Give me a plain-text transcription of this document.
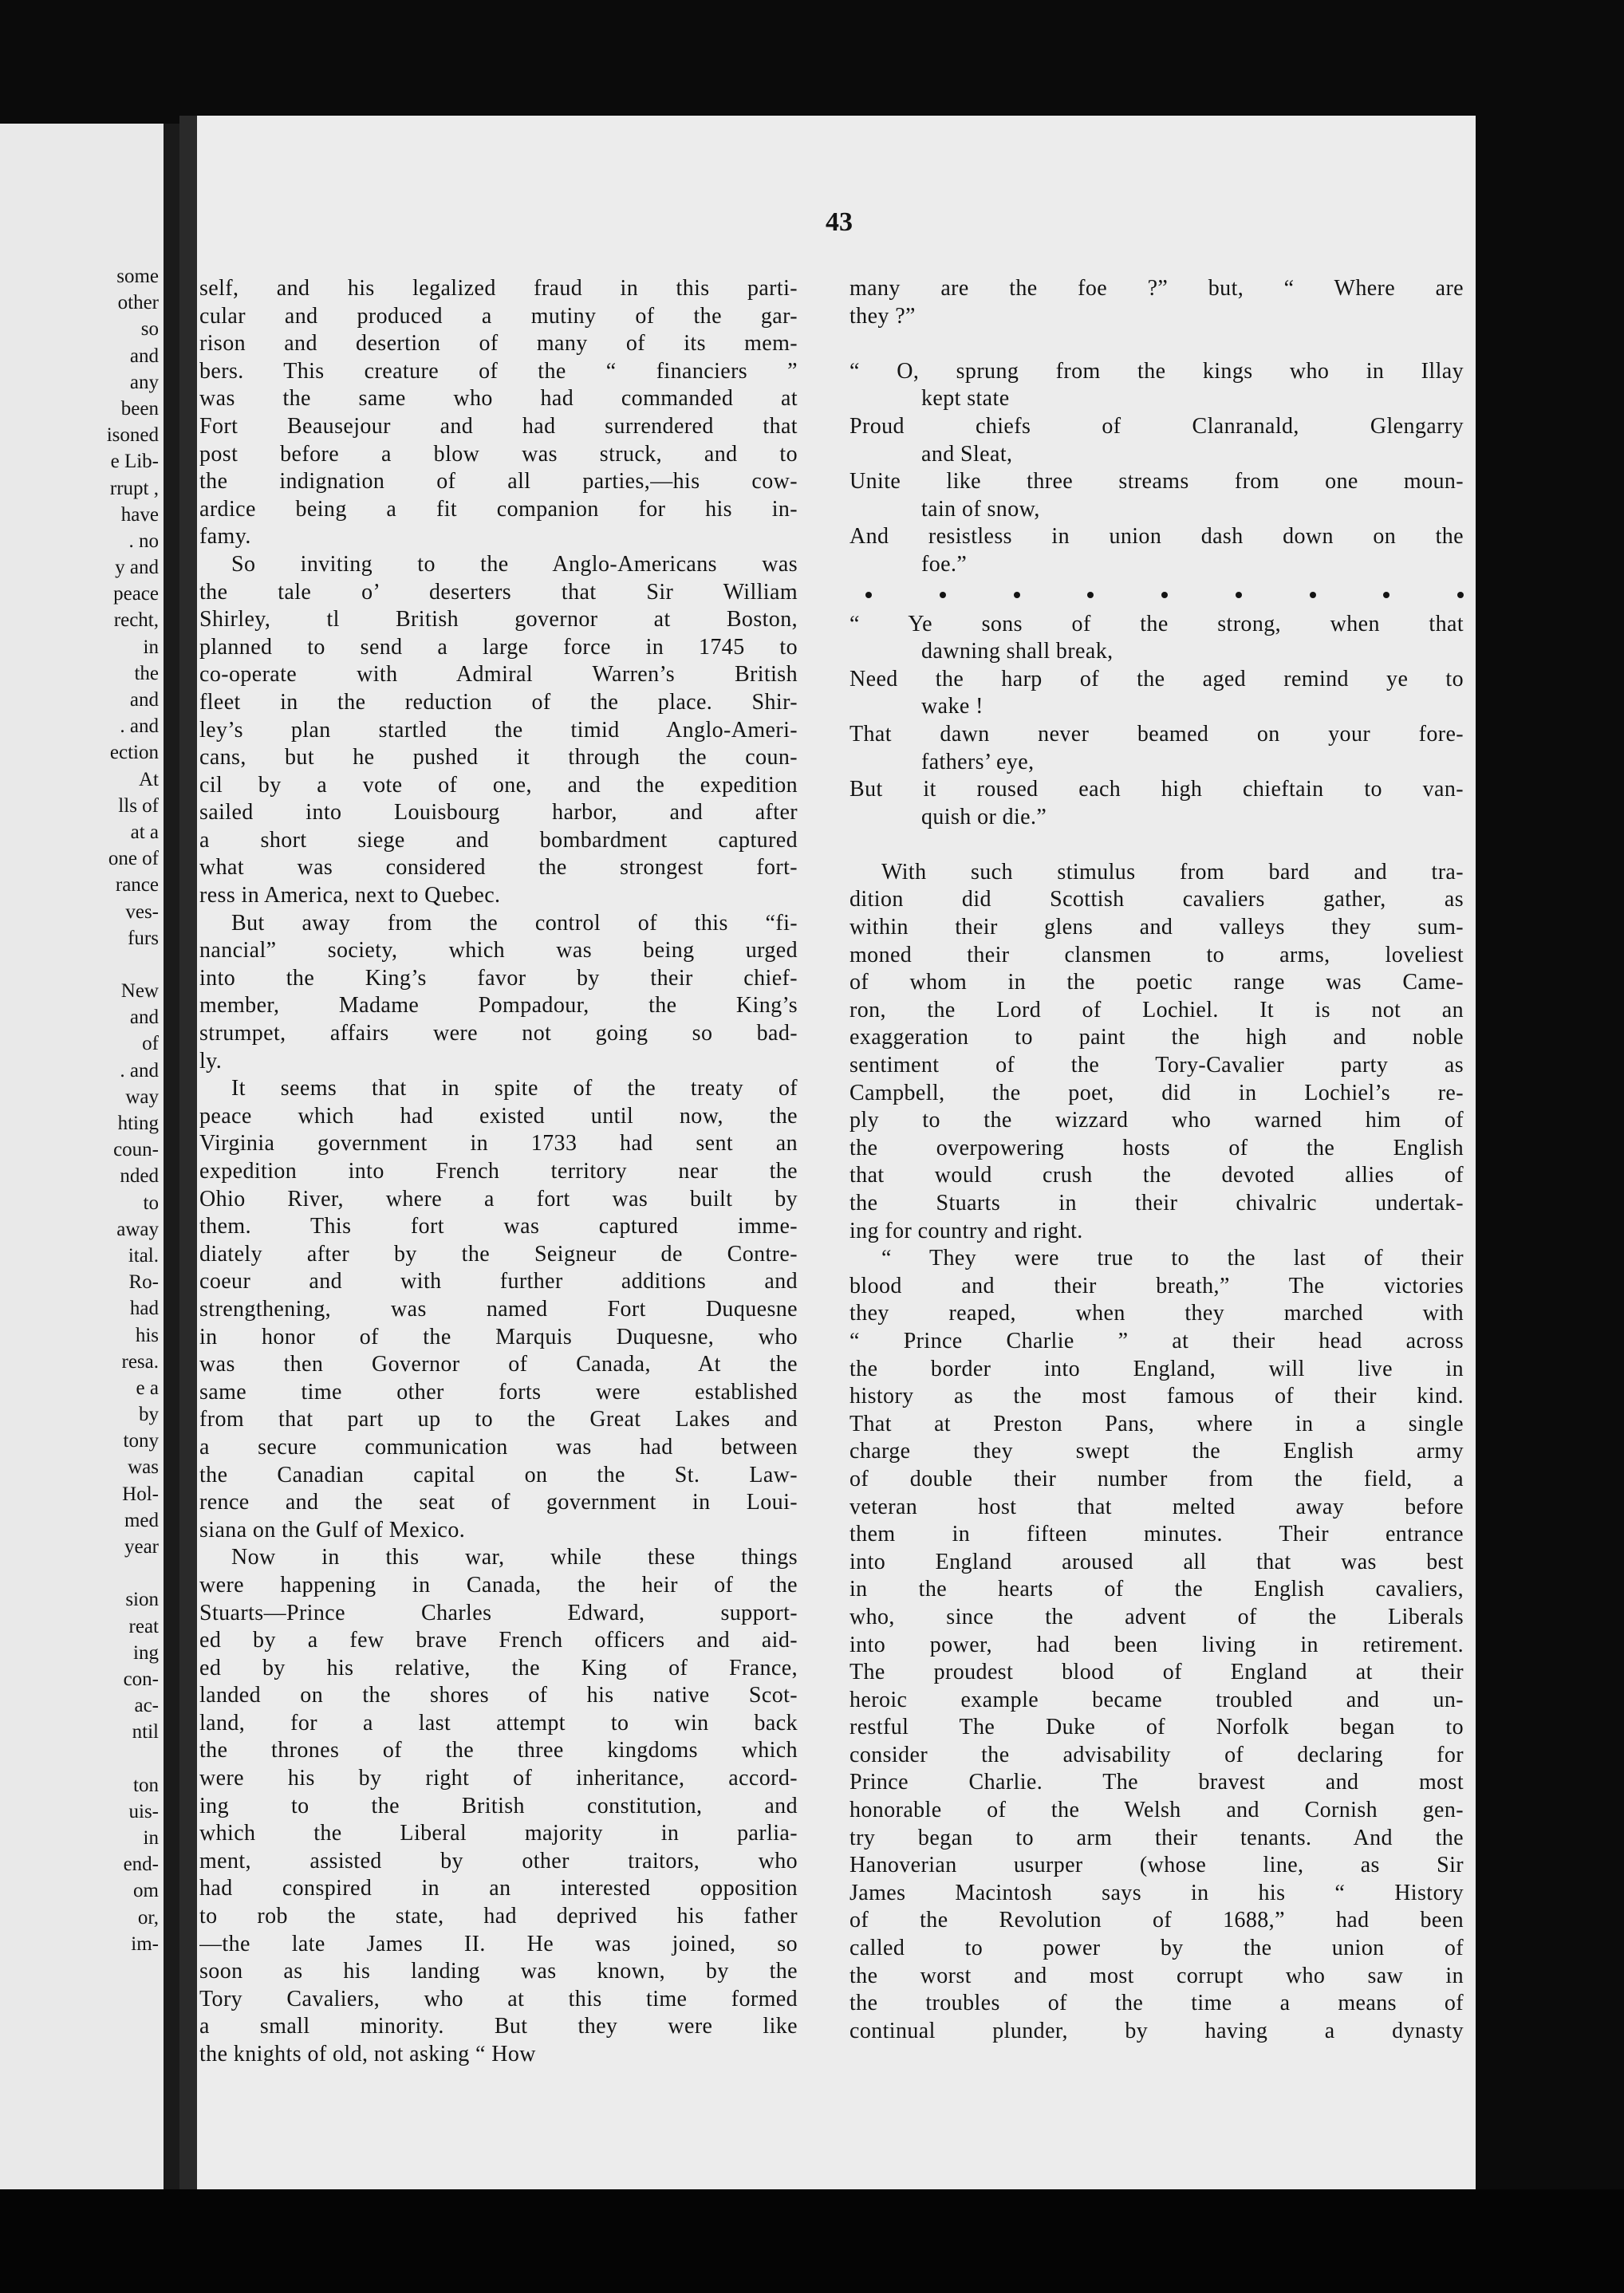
some
other
so
and
any
been
isoned
e Lib-
rrupt ,
have
. no
y and
peace
recht,
in
the
and
. and
ection
At
lls of
at a
one of
rance
ves-
furs
New
and
of
. and
way
hting
coun-
nded
to
away
ital.
Ro-
had
his
resa.
e a
by
tony
was
Hol-
med
year
sion
reat
ing
con-
ac-
ntil
ton
uis-
in
end-
om
or,
im-
43
self, and his legalized fraud in this parti-
cular and produced a mutiny of the gar-
rison and desertion of many of its mem-
bers. This creature of the “ financiers ”
was the same who had commanded at
Fort Beausejour and had surrendered that
post before a blow was struck, and to
the indignation of all parties,—his cow-
ardice being a fit companion for his in-
famy.
So inviting to the Anglo-Americans was
the tale o’ deserters that Sir William
Shirley, tl British governor at Boston,
planned to send a large force in 1745 to
co-operate with Admiral Warren’s British
fleet in the reduction of the place. Shir-
ley’s plan startled the timid Anglo-Ameri-
cans, but he pushed it through the coun-
cil by a vote of one, and the expedition
sailed into Louisbourg harbor, and after
a short siege and bombardment captured
what was considered the strongest fort-
ress in America, next to Quebec.
But away from the control of this “fi-
nancial” society, which was being urged
into the King’s favor by their chief-
member, Madame Pompadour, the King’s
strumpet, affairs were not going so bad-
ly.
It seems that in spite of the treaty of
peace which had existed until now, the
Virginia government in 1733 had sent an
expedition into French territory near the
Ohio River, where a fort was built by
them. This fort was captured imme-
diately after by the Seigneur de Contre-
coeur and with further additions and
strengthening, was named Fort Duquesne
in honor of the Marquis Duquesne, who
was then Governor of Canada, At the
same time other forts were established
from that part up to the Great Lakes and
a secure communication was had between
the Canadian capital on the St. Law-
rence and the seat of government in Loui-
siana on the Gulf of Mexico.
Now in this war, while these things
were happening in Canada, the heir of the
Stuarts—Prince Charles Edward, support-
ed by a few brave French officers and aid-
ed by his relative, the King of France,
landed on the shores of his native Scot-
land, for a last attempt to win back
the thrones of the three kingdoms which
were his by right of inheritance, accord-
ing to the British constitution, and
which the Liberal majority in parlia-
ment, assisted by other traitors, who
had conspired in an interested opposition
to rob the state, had deprived his father
—the late James II. He was joined, so
soon as his landing was known, by the
Tory Cavaliers, who at this time formed
a small minority. But they were like
the knights of old, not asking “ How
many are the foe ?” but, “ Where are
they ?”
“ O, sprung from the kings who in Illay
kept state
Proud chiefs of Clanranald, Glengarry
and Sleat,
Unite like three streams from one moun-
tain of snow,
And resistless in union dash down on the
foe.”
“ Ye sons of the strong, when that
dawning shall break,
Need the harp of the aged remind ye to
wake !
That dawn never beamed on your fore-
fathers’ eye,
But it roused each high chieftain to van-
quish or die.”
With such stimulus from bard and tra-
dition did Scottish cavaliers gather, as
within their glens and valleys they sum-
moned their clansmen to arms, loveliest
of whom in the poetic range was Came-
ron, the Lord of Lochiel. It is not an
exaggeration to paint the high and noble
sentiment of the Tory-Cavalier party as
Campbell, the poet, did in Lochiel’s re-
ply to the wizzard who warned him of
the overpowering hosts of the English
that would crush the devoted allies of
the Stuarts in their chivalric undertak-
ing for country and right.
“ They were true to the last of their
blood and their breath,” The victories
they reaped, when they marched with
“ Prince Charlie ” at their head across
the border into England, will live in
history as the most famous of their kind.
That at Preston Pans, where in a single
charge they swept the English army
of double their number from the field, a
veteran host that melted away before
them in fifteen minutes. Their entrance
into England aroused all that was best
in the hearts of the English cavaliers,
who, since the advent of the Liberals
into power, had been living in retirement.
The proudest blood of England at their
heroic example became troubled and un-
restful The Duke of Norfolk began to
consider the advisability of declaring for
Prince Charlie. The bravest and most
honorable of the Welsh and Cornish gen-
try began to arm their tenants. And the
Hanoverian usurper (whose line, as Sir
James Macintosh says in his “ History
of the Revolution of 1688,” had been
called to power by the union of
the worst and most corrupt who saw in
the troubles of the time a means of
continual plunder, by having a dynasty
